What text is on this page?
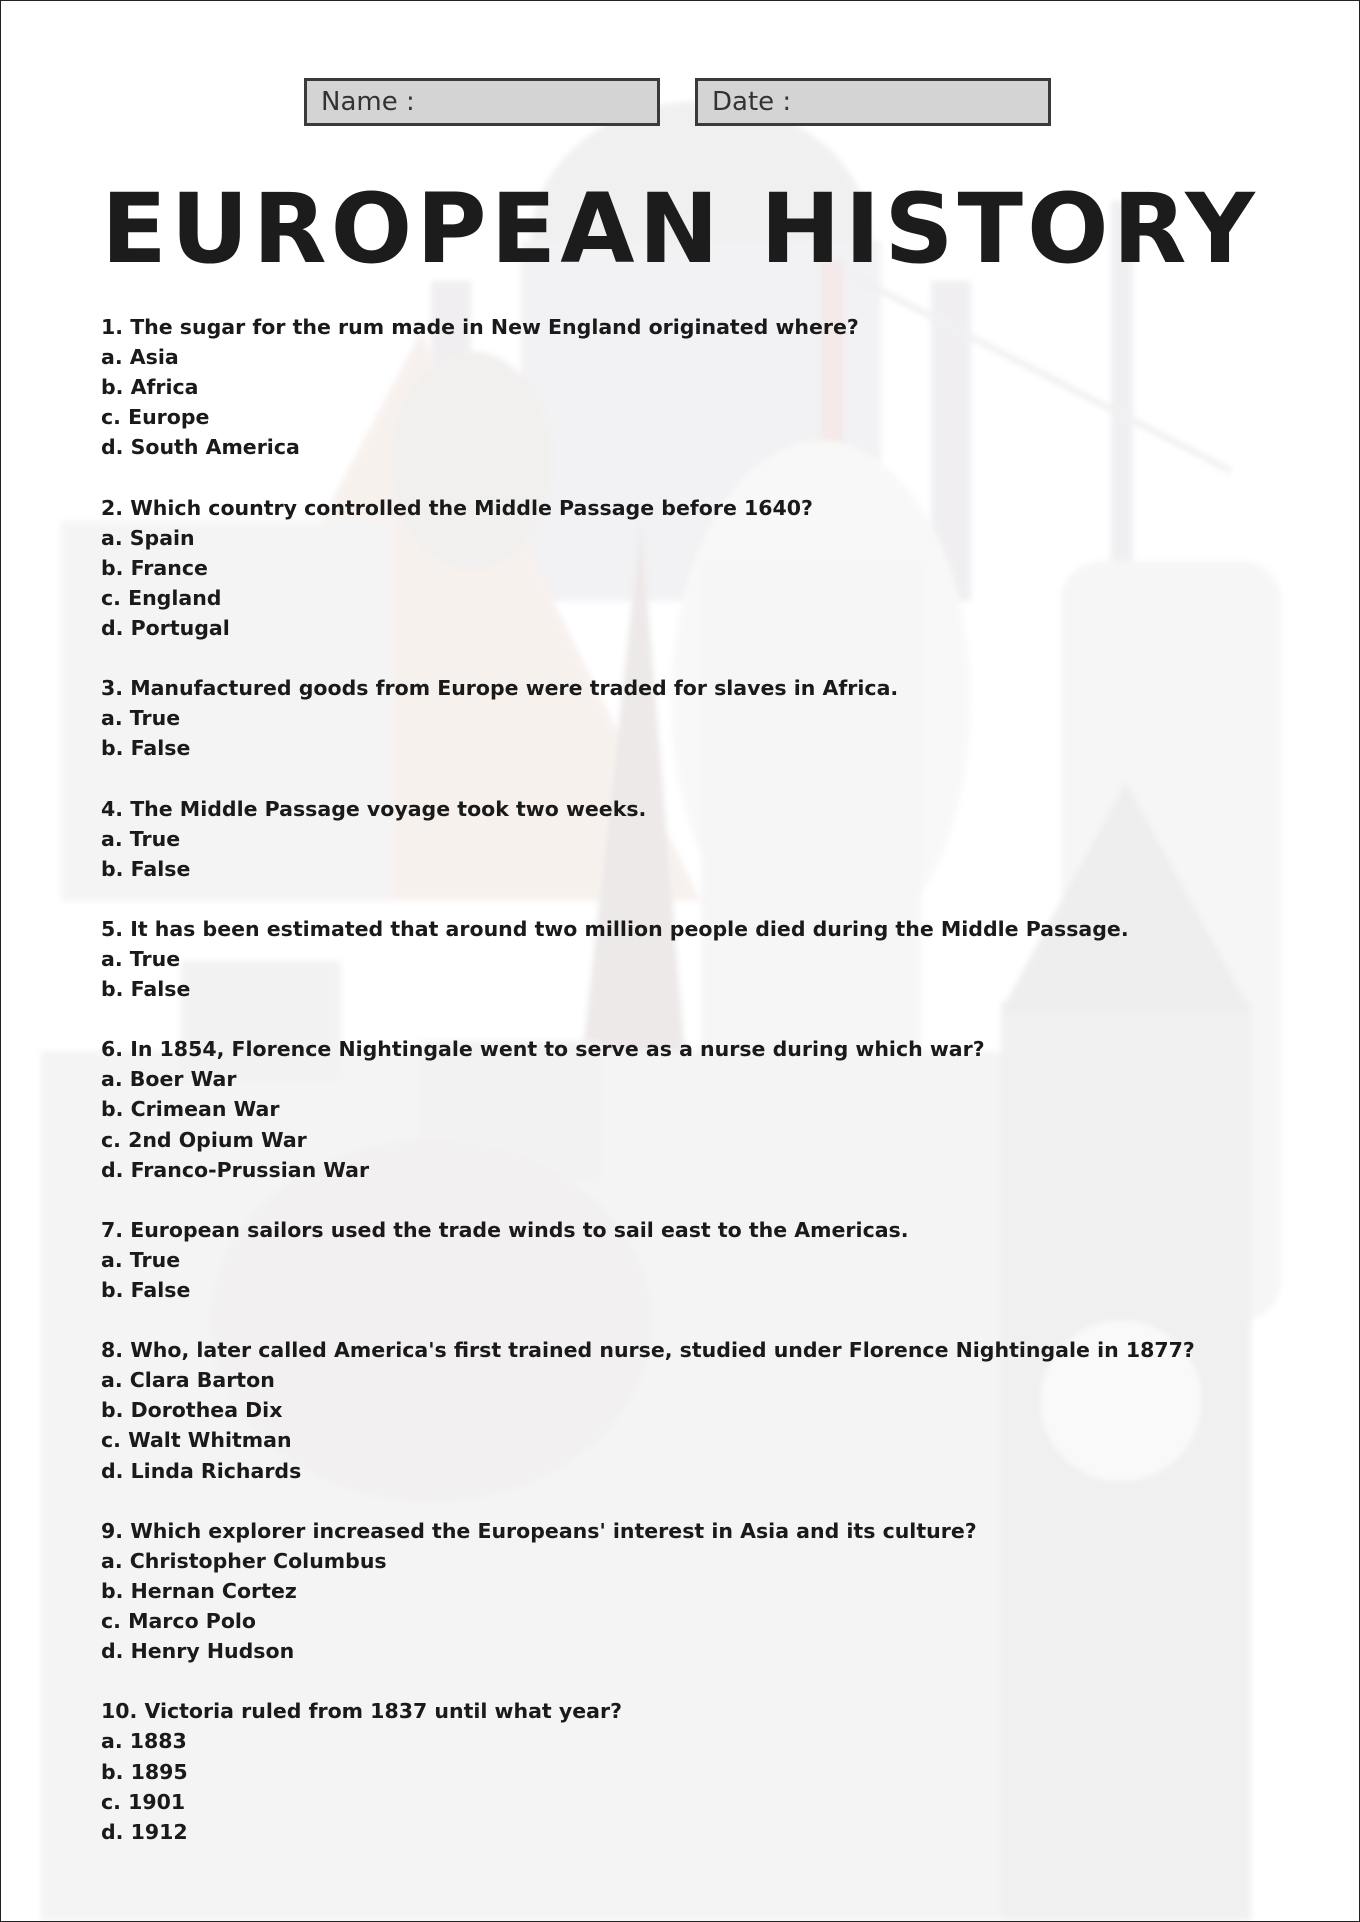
Name :	Date :
EUROPEAN HISTORY
1. The sugar for the rum made in New England originated where?
a. Asia
b. Africa
c. Europe
d. South America
2. Which country controlled the Middle Passage before 1640?
a. Spain
b. France
c. England
d. Portugal
3. Manufactured goods from Europe were traded for slaves in Africa.
a. True
b. False
4. The Middle Passage voyage took two weeks.
a. True
b. False
5. It has been estimated that around two million people died during the Middle Passage.
a. True
b. False
6. In 1854, Florence Nightingale went to serve as a nurse during which war?
a. Boer War
b. Crimean War
c. 2nd Opium War
d. Franco-Prussian War
7. European sailors used the trade winds to sail east to the Americas.
a. True
b. False
8. Who, later called America's first trained nurse, studied under Florence Nightingale in 1877?
a. Clara Barton
b. Dorothea Dix
c. Walt Whitman
d. Linda Richards
9. Which explorer increased the Europeans' interest in Asia and its culture?
a. Christopher Columbus
b. Hernan Cortez
c. Marco Polo
d. Henry Hudson
10. Victoria ruled from 1837 until what year?
a. 1883
b. 1895
c. 1901
d. 1912
